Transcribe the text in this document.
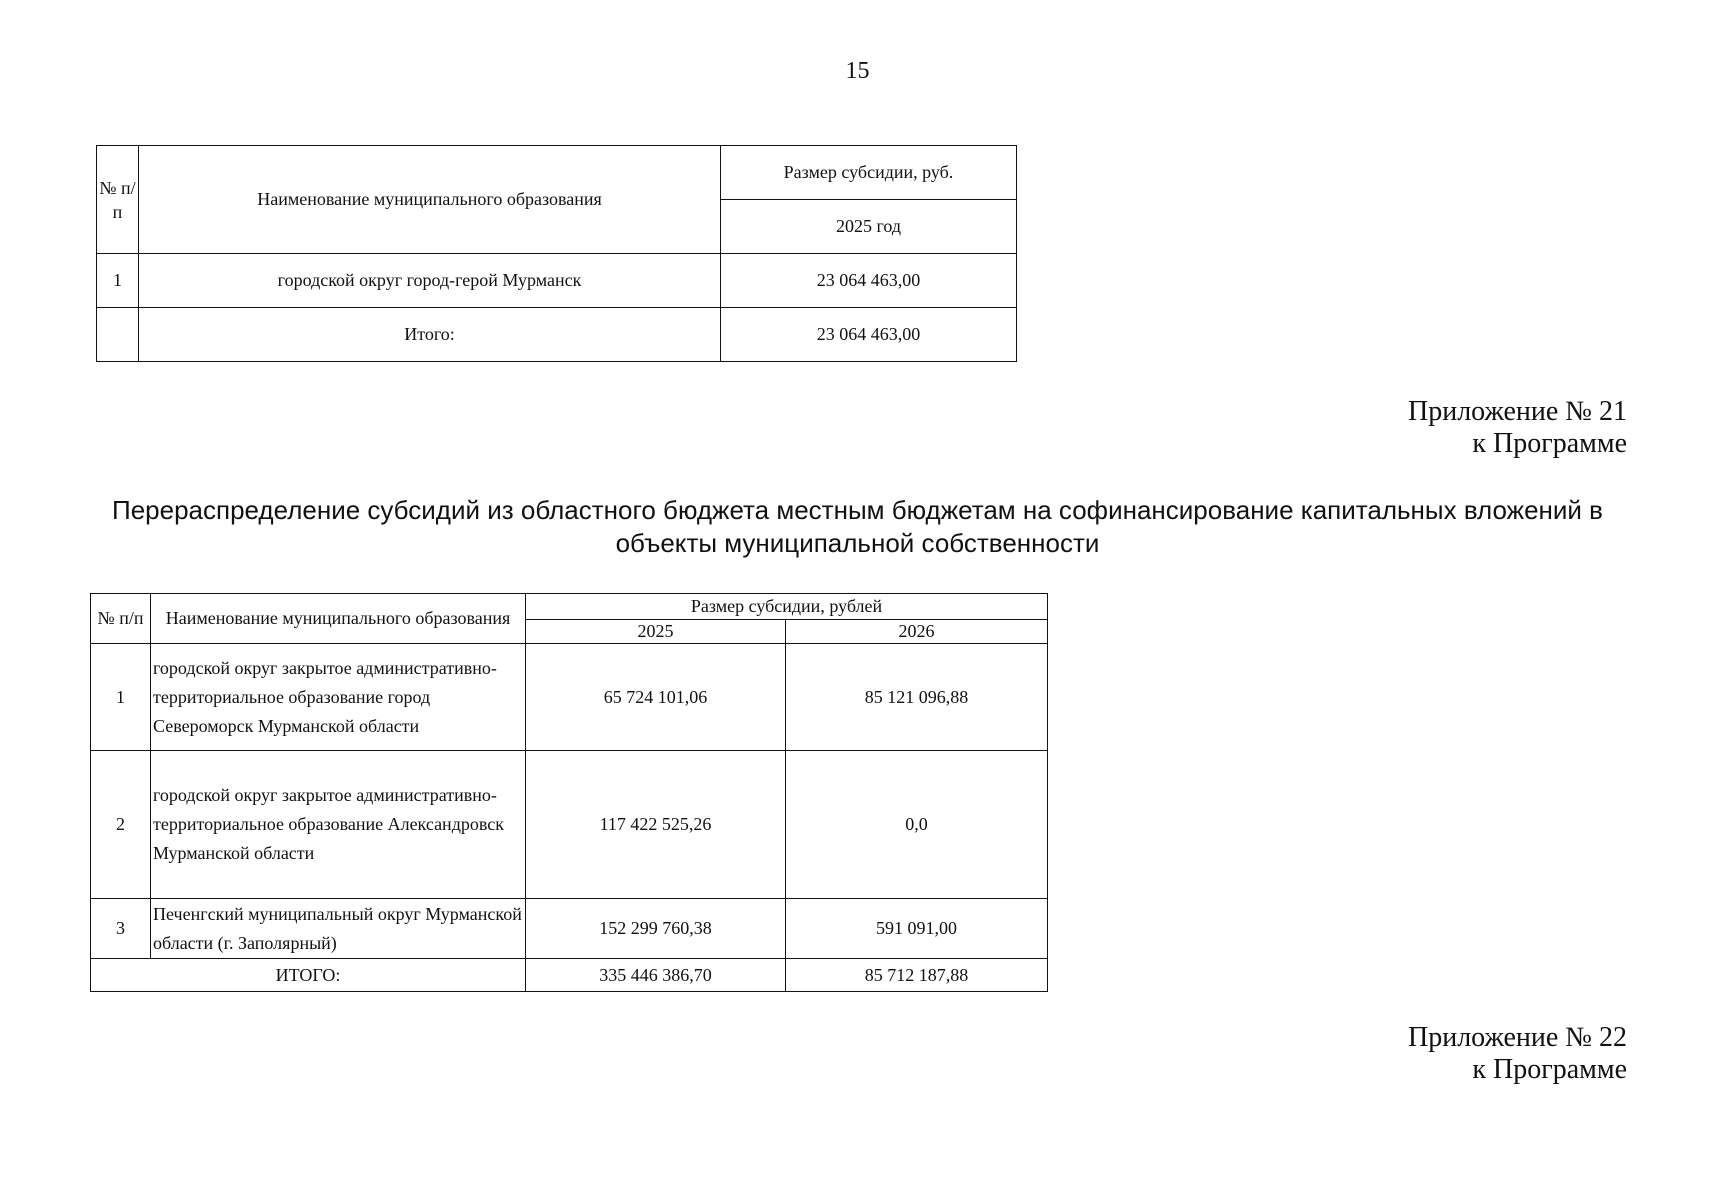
15
№ п/п	Наименование муниципального образования	Размер субсидии, руб.
		2025 год
1	городской округ город-герой Мурманск	23 064 463,00
	Итого:	23 064 463,00
Приложение № 21
к Программе
Перераспределение субсидий из областного бюджета местным бюджетам на софинансирование капитальных вложений в объекты муниципальной собственности
№ п/п	Наименование муниципального образования	Размер субсидии, рублей	
		2025	2026
1	городской округ закрытое административно-территориальное образование город Североморск Мурманской области	65 724 101,06	85 121 096,88
2	городской округ закрытое административно-территориальное образование Александровск Мурманской области	117 422 525,26	0,0
3	Печенгский муниципальный округ Мурманской области (г. Заполярный)	152 299 760,38	591 091,00
ИТОГО:		335 446 386,70	85 712 187,88
Приложение № 22
к Программе
